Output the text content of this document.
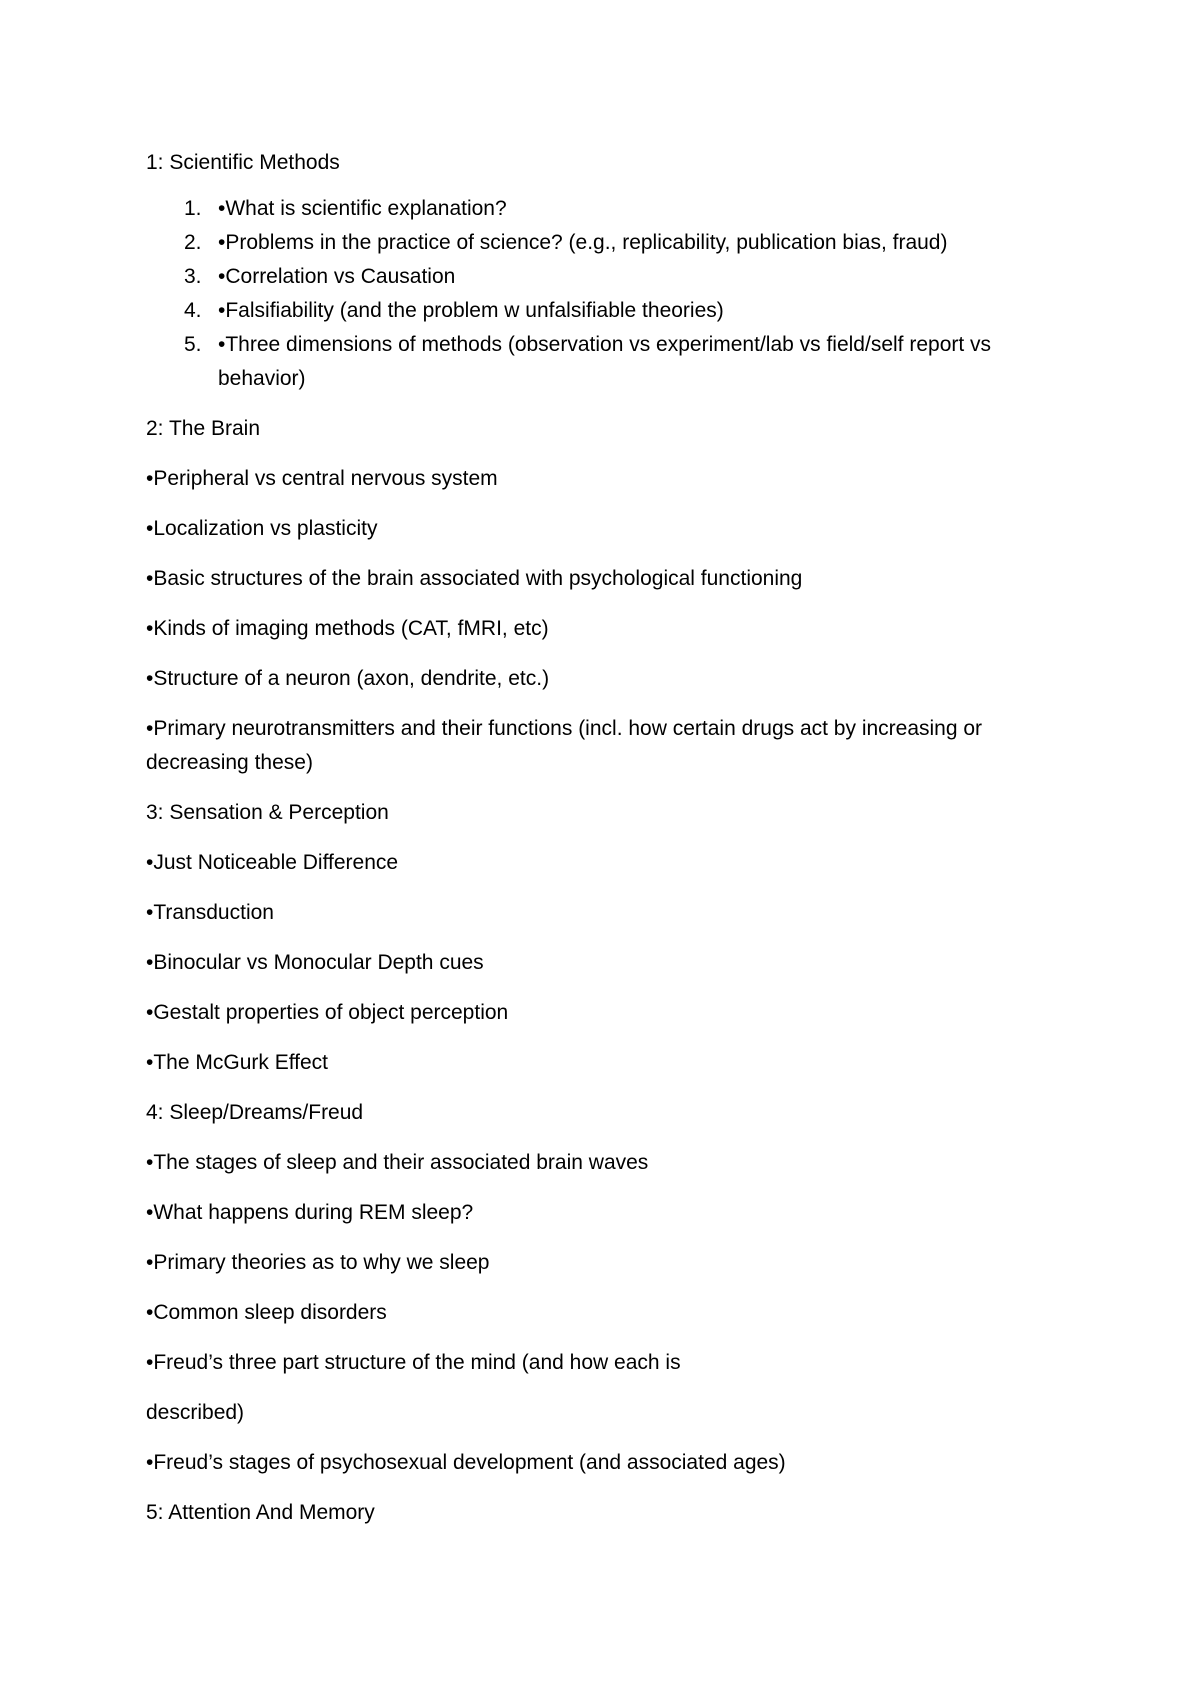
1: Scientific Methods
1. •What is scientific explanation?
2. •Problems in the practice of science? (e.g., replicability, publication bias, fraud)
3. •Correlation vs Causation
4. •Falsifiability (and the problem w unfalsifiable theories)
5. •Three dimensions of methods (observation vs experiment/lab vs field/self report vs behavior)
2: The Brain
•Peripheral vs central nervous system
•Localization vs plasticity
•Basic structures of the brain associated with psychological functioning
•Kinds of imaging methods (CAT, fMRI, etc)
•Structure of a neuron (axon, dendrite, etc.)
•Primary neurotransmitters and their functions (incl. how certain drugs act by increasing or decreasing these)
3: Sensation & Perception
•Just Noticeable Difference
•Transduction
•Binocular vs Monocular Depth cues
•Gestalt properties of object perception
•The McGurk Effect
4: Sleep/Dreams/Freud
•The stages of sleep and their associated brain waves
•What happens during REM sleep?
•Primary theories as to why we sleep
•Common sleep disorders
•Freud’s three part structure of the mind (and how each is
described)
•Freud’s stages of psychosexual development (and associated ages)
5: Attention And Memory
